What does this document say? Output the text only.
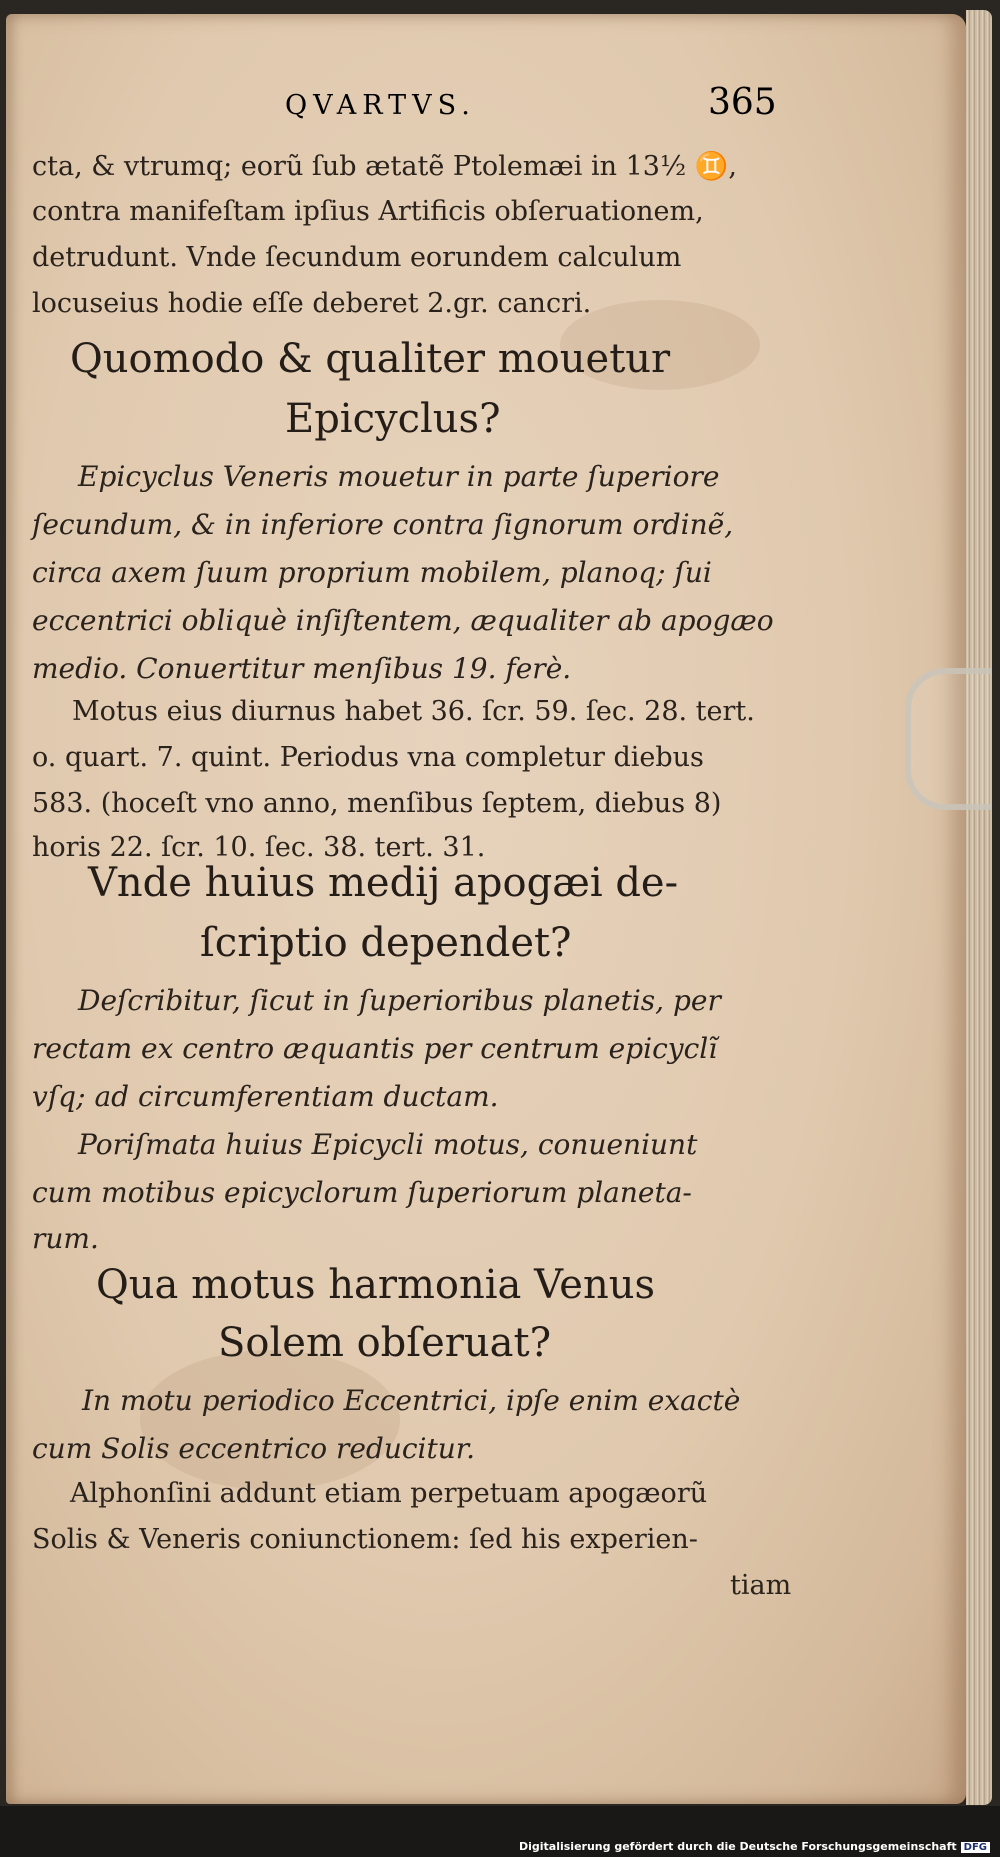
QVARTVS.	365
cta, & vtrumq; eorũ ſub ætatẽ Ptolemæi in 13½ ♊,
contra manifeſtam ipſius Artificis obſeruationem,
detrudunt. Vnde ſecundum eorundem calculum
locuseius hodie eſſe deberet 2.gr. cancri.
Quomodo & qualiter mouetur
Epicyclus?
Epicyclus Veneris mouetur in parte ſuperiore
ſecundum, & in inferiore contra ſignorum ordinẽ,
circa axem ſuum proprium mobilem, planoq; ſui
eccentrici obliquè inſiſtentem, æqualiter ab apogæo
medio. Conuertitur menſibus 19. ferè.
Motus eius diurnus habet 36. ſcr. 59. ſec. 28. tert.
o. quart. 7. quint. Periodus vna completur diebus
583. (hoceſt vno anno, menſibus ſeptem, diebus 8)
horis 22. ſcr. 10. ſec. 38. tert. 31.
Vnde huius medij apogæi de-
ſcriptio dependet?
Deſcribitur, ſicut in ſuperioribus planetis, per
rectam ex centro æquantis per centrum epicyclĩ
vſq; ad circumferentiam ductam.
Poriſmata huius Epicycli motus, conueniunt
cum motibus epicyclorum ſuperiorum planeta-
rum.
Qua motus harmonia Venus
Solem obſeruat?
In motu periodico Eccentrici, ipſe enim exactè
cum Solis eccentrico reducitur.
Alphonſini addunt etiam perpetuam apogæorũ
Solis & Veneris coniunctionem: ſed his experien-
tiam
Digitalisierung gefördert durch die Deutsche Forschungsgemeinschaft DFG
